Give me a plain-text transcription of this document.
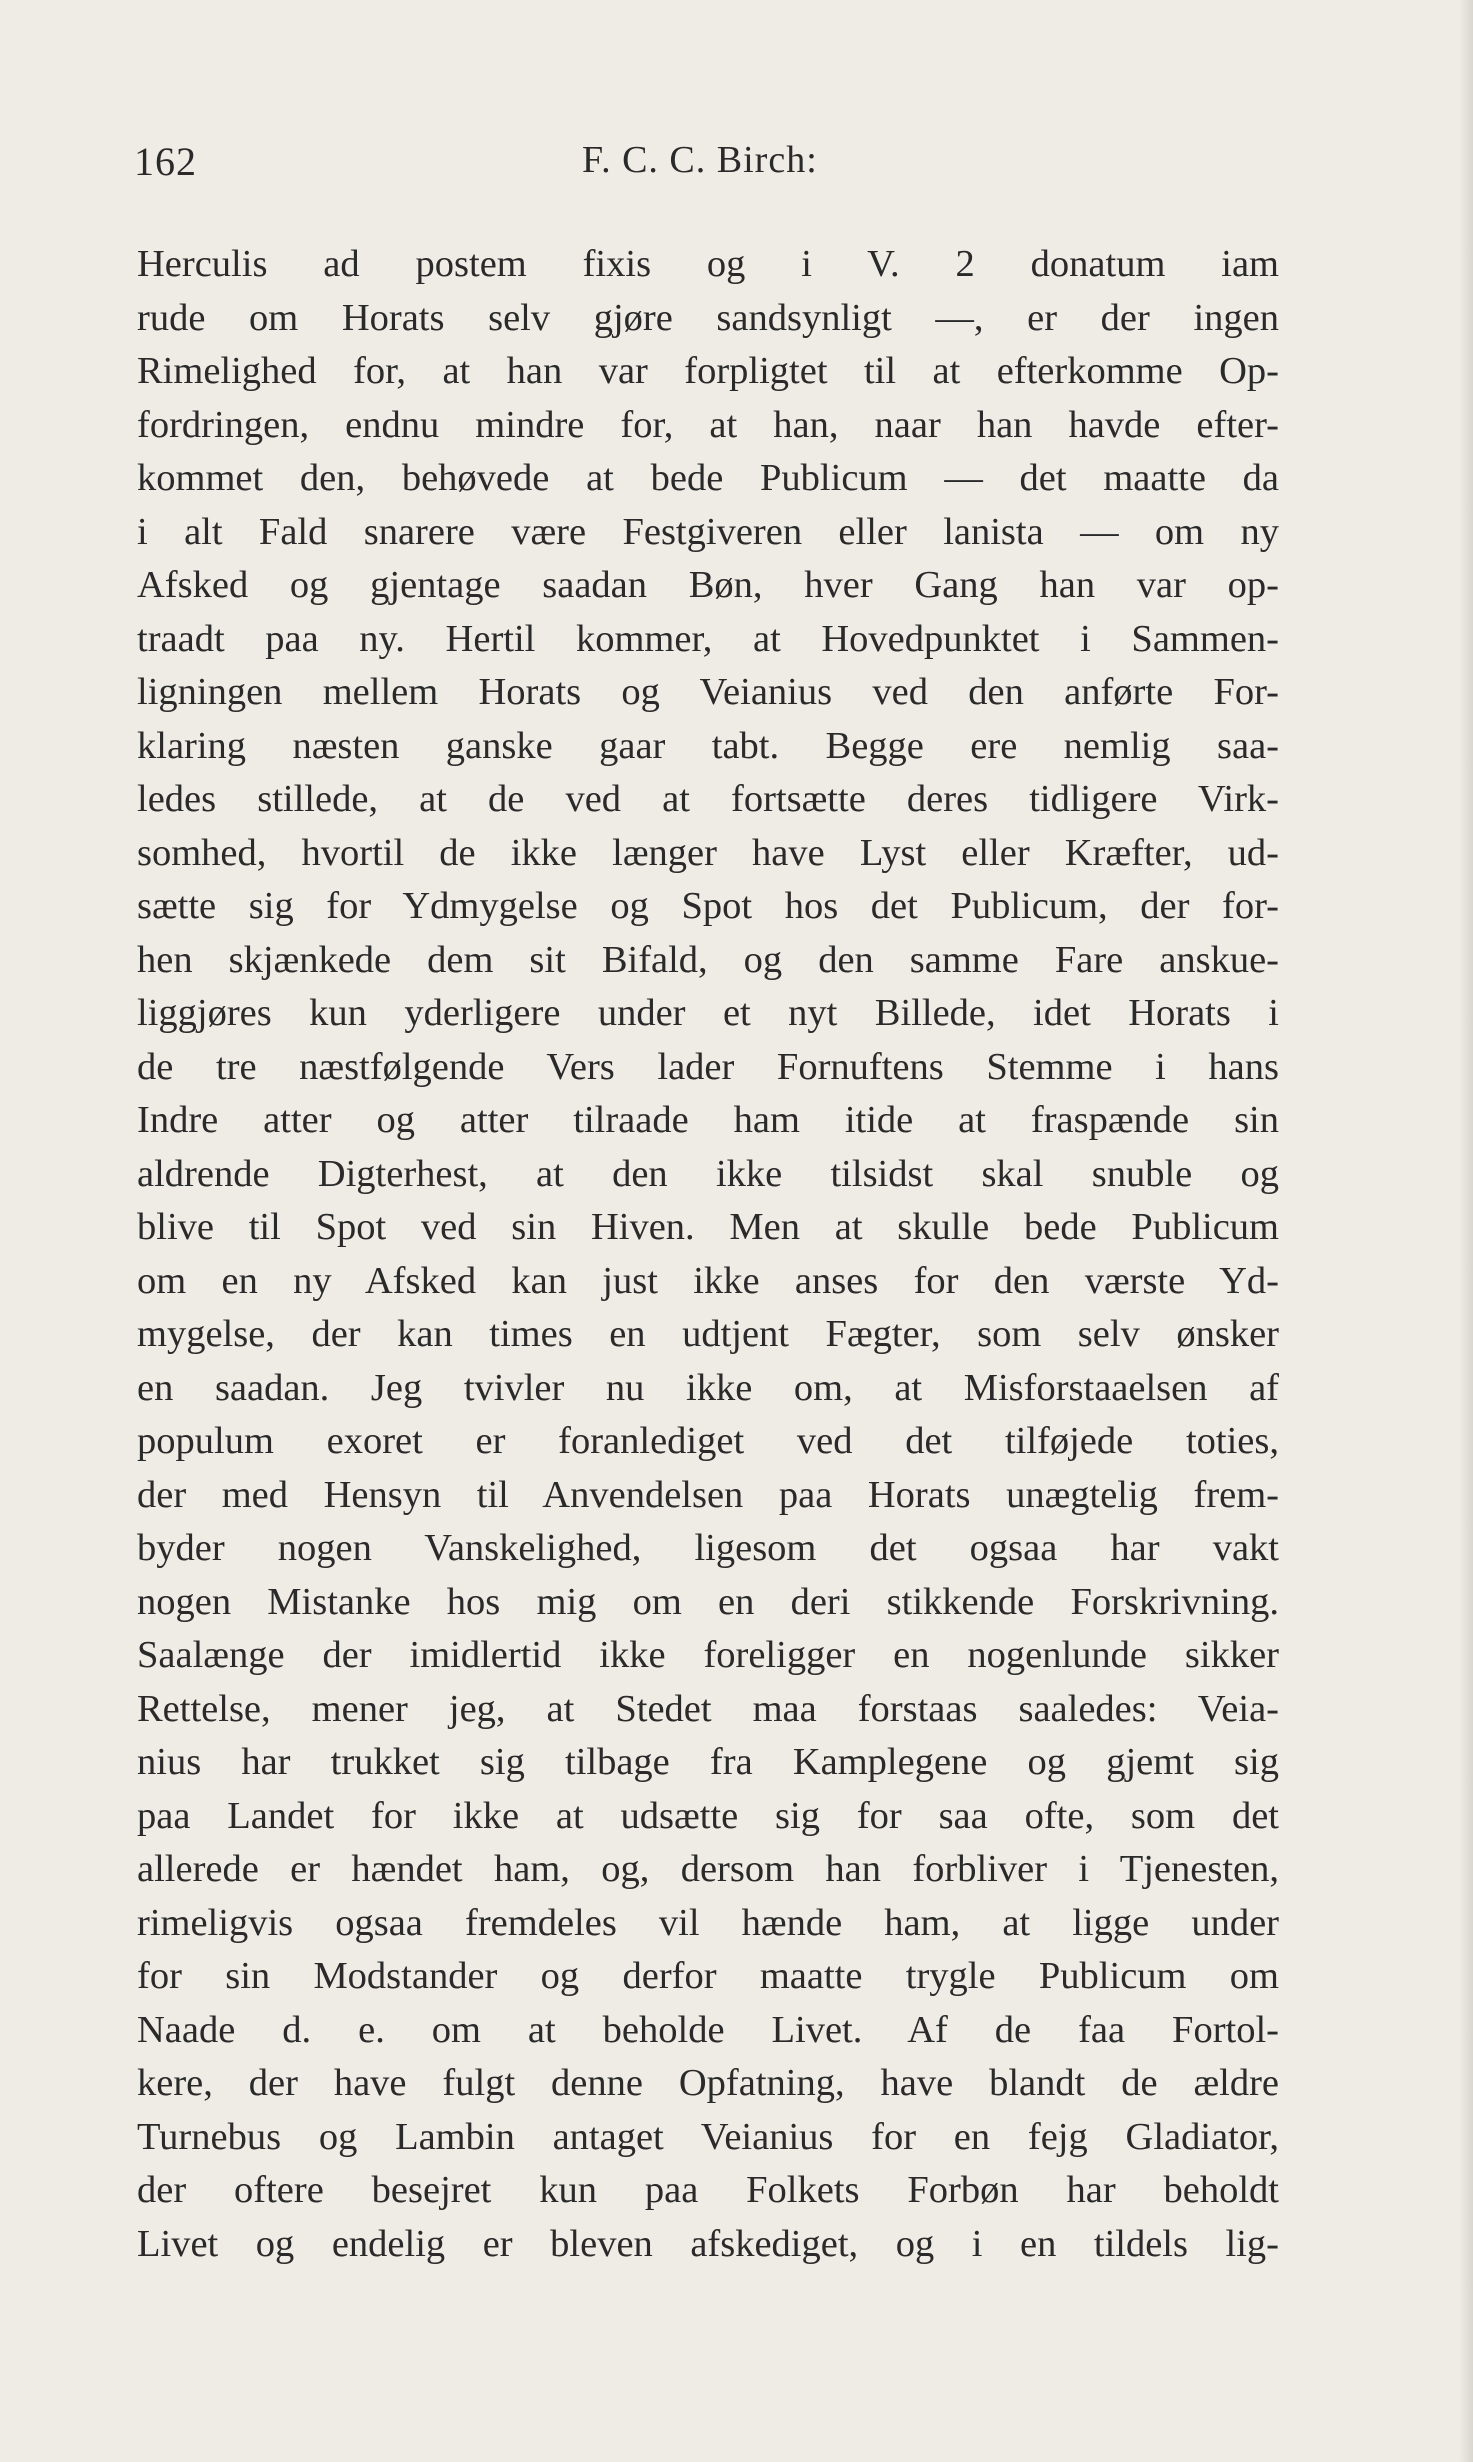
162	F. C. C. Birch:
Herculis ad postem fixis og i V. 2 donatum iam
rude om Horats selv gjøre sandsynligt —, er der ingen
Rimelighed for, at han var forpligtet til at efterkomme Op-
fordringen, endnu mindre for, at han, naar han havde efter-
kommet den, behøvede at bede Publicum — det maatte da
i alt Fald snarere være Festgiveren eller lanista — om ny
Afsked og gjentage saadan Bøn, hver Gang han var op-
traadt paa ny. Hertil kommer, at Hovedpunktet i Sammen-
ligningen mellem Horats og Veianius ved den anførte For-
klaring næsten ganske gaar tabt. Begge ere nemlig saa-
ledes stillede, at de ved at fortsætte deres tidligere Virk-
somhed, hvortil de ikke længer have Lyst eller Kræfter, ud-
sætte sig for Ydmygelse og Spot hos det Publicum, der for-
hen skjænkede dem sit Bifald, og den samme Fare anskue-
liggjøres kun yderligere under et nyt Billede, idet Horats i
de tre næstfølgende Vers lader Fornuftens Stemme i hans
Indre atter og atter tilraade ham itide at fraspænde sin
aldrende Digterhest, at den ikke tilsidst skal snuble og
blive til Spot ved sin Hiven. Men at skulle bede Publicum
om en ny Afsked kan just ikke anses for den værste Yd-
mygelse, der kan times en udtjent Fægter, som selv ønsker
en saadan. Jeg tvivler nu ikke om, at Misforstaaelsen af
populum exoret er foranlediget ved det tilføjede toties,
der med Hensyn til Anvendelsen paa Horats unægtelig frem-
byder nogen Vanskelighed, ligesom det ogsaa har vakt
nogen Mistanke hos mig om en deri stikkende Forskrivning.
Saalænge der imidlertid ikke foreligger en nogenlunde sikker
Rettelse, mener jeg, at Stedet maa forstaas saaledes: Veia-
nius har trukket sig tilbage fra Kamplegene og gjemt sig
paa Landet for ikke at udsætte sig for saa ofte, som det
allerede er hændet ham, og, dersom han forbliver i Tjenesten,
rimeligvis ogsaa fremdeles vil hænde ham, at ligge under
for sin Modstander og derfor maatte trygle Publicum om
Naade d. e. om at beholde Livet. Af de faa Fortol-
kere, der have fulgt denne Opfatning, have blandt de ældre
Turnebus og Lambin antaget Veianius for en fejg Gladiator,
der oftere besejret kun paa Folkets Forbøn har beholdt
Livet og endelig er bleven afskediget, og i en tildels lig-
